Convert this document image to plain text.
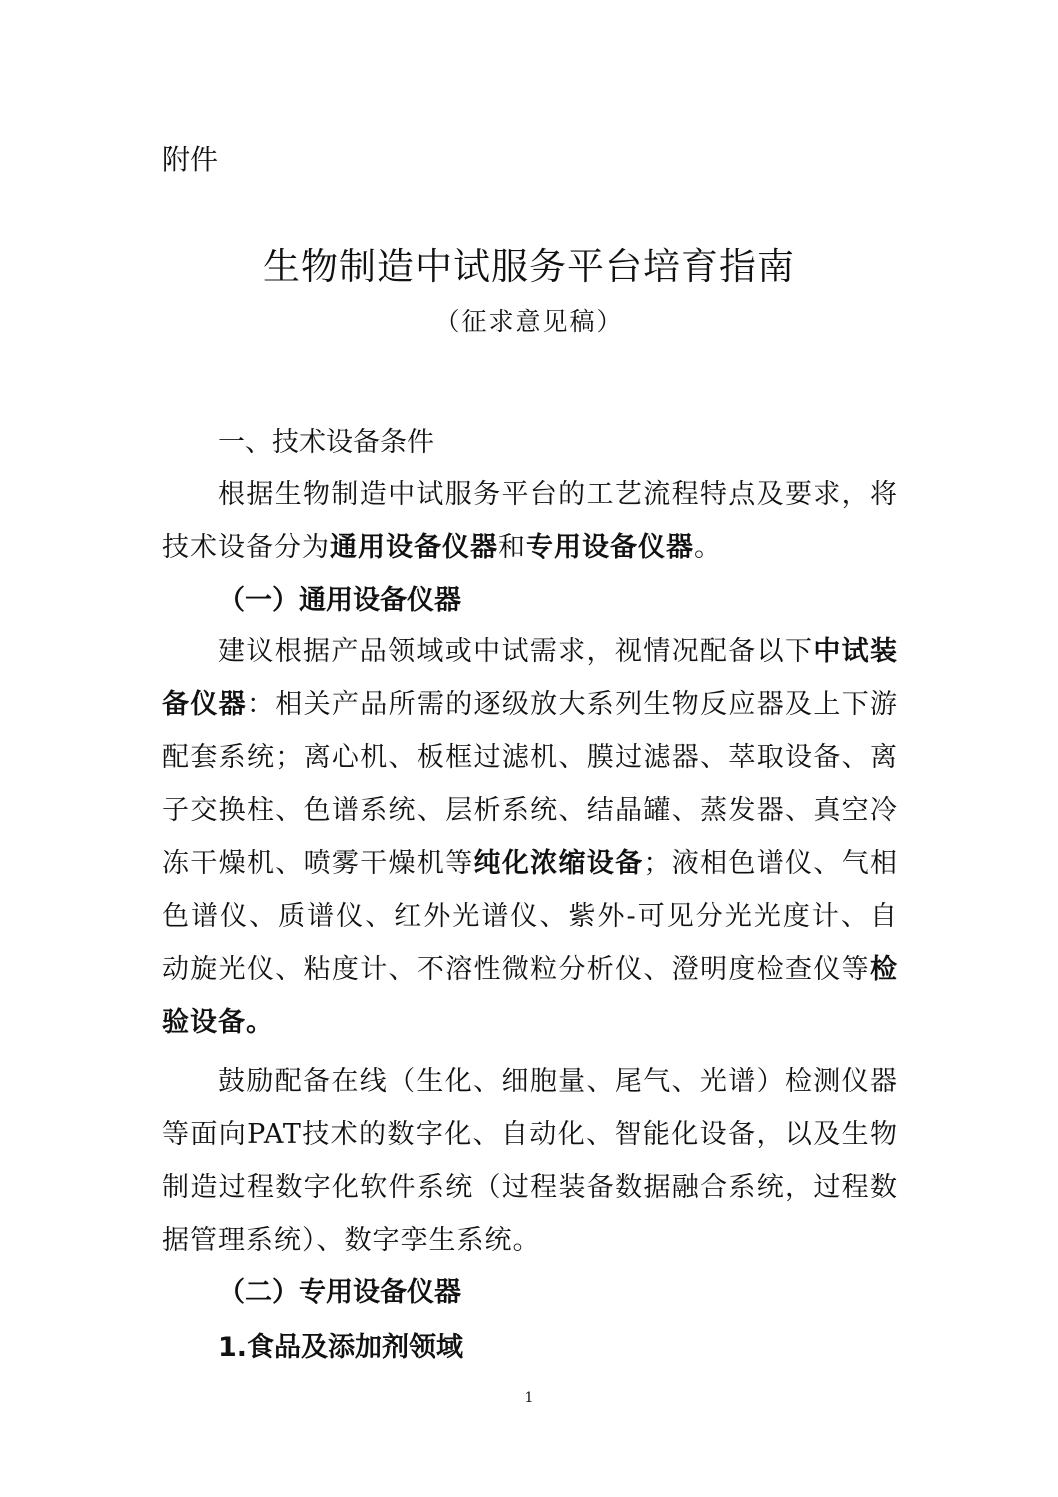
附件
生物制造中试服务平台培育指南
（征求意见稿）
一、技术设备条件

根据生物制造中试服务平台的工艺流程特点及要求，将技术设备分为通用设备仪器和专用设备仪器。

（一）通用设备仪器

建议根据产品领域或中试需求，视情况配备以下中试装备仪器：相关产品所需的逐级放大系列生物反应器及上下游配套系统；离心机、板框过滤机、膜过滤器、萃取设备、离子交换柱、色谱系统、层析系统、结晶罐、蒸发器、真空冷冻干燥机、喷雾干燥机等纯化浓缩设备；液相色谱仪、气相色谱仪、质谱仪、红外光谱仪、紫外-可见分光光度计、自动旋光仪、粘度计、不溶性微粒分析仪、澄明度检查仪等检验设备。

鼓励配备在线（生化、细胞量、尾气、光谱）检测仪器等面向PAT技术的数字化、自动化、智能化设备，以及生物制造过程数字化软件系统（过程装备数据融合系统，过程数据管理系统）、数字孪生系统。

（二）专用设备仪器
1.食品及添加剂领域
1
